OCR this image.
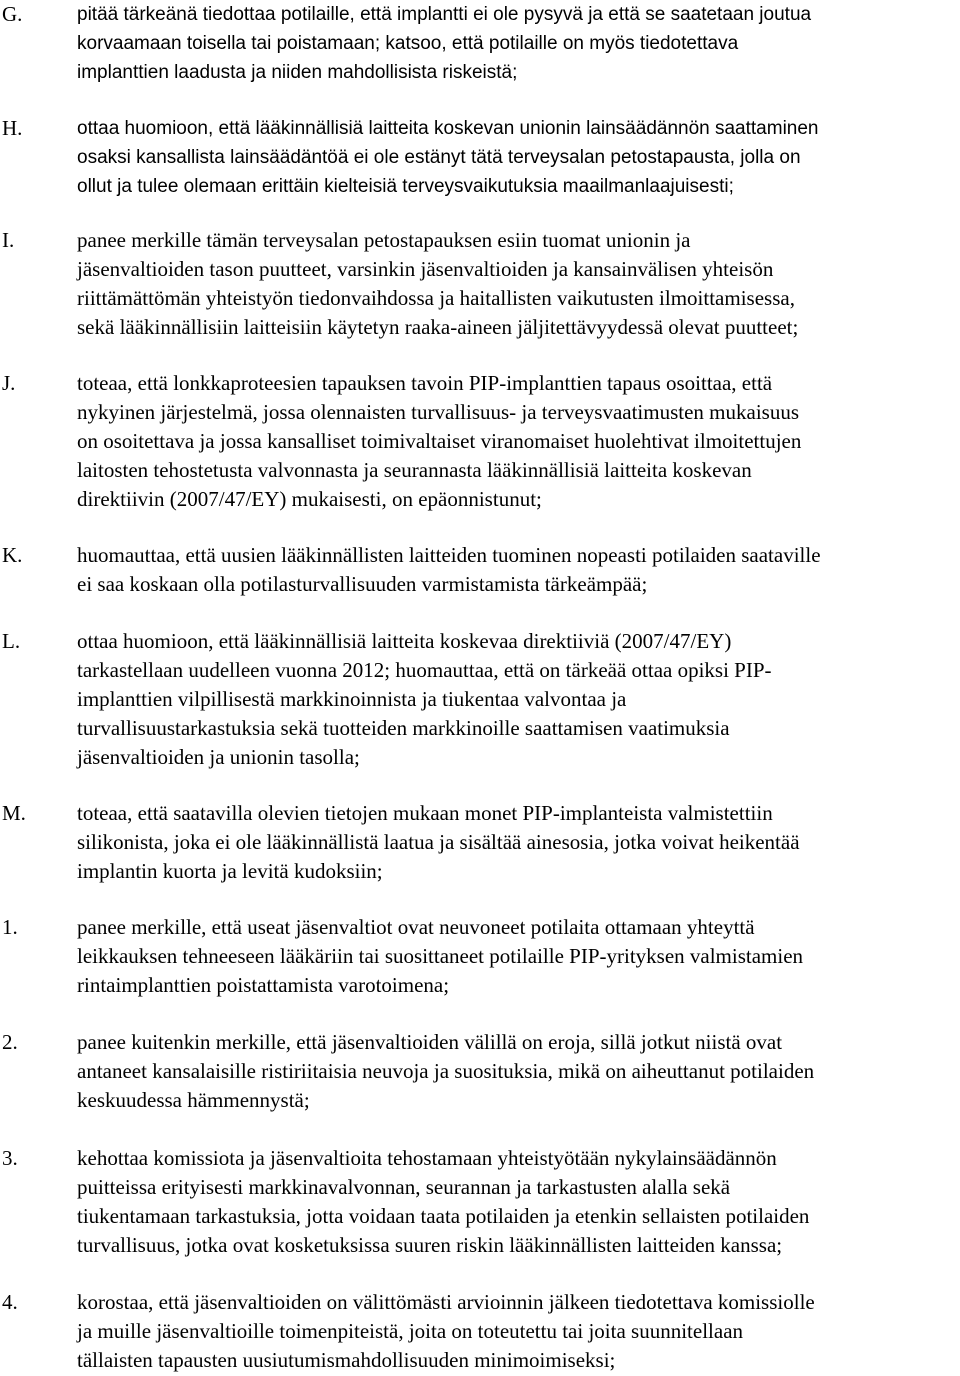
G.	pitää tärkeänä tiedottaa potilaille, että implantti ei ole pysyvä ja että se saatetaan joutua
korvaamaan toisella tai poistamaan; katsoo, että potilaille on myös tiedotettava
implanttien laadusta ja niiden mahdollisista riskeistä;
H.	ottaa huomioon, että lääkinnällisiä laitteita koskevan unionin lainsäädännön saattaminen
osaksi kansallista lainsäädäntöä ei ole estänyt tätä terveysalan petostapausta, jolla on
ollut ja tulee olemaan erittäin kielteisiä terveysvaikutuksia maailmanlaajuisesti;
I.	panee merkille tämän terveysalan petostapauksen esiin tuomat unionin ja
jäsenvaltioiden tason puutteet, varsinkin jäsenvaltioiden ja kansainvälisen yhteisön
riittämättömän yhteistyön tiedonvaihdossa ja haitallisten vaikutusten ilmoittamisessa,
sekä lääkinnällisiin laitteisiin käytetyn raaka-aineen jäljitettävyydessä olevat puutteet;
J.	toteaa, että lonkkaproteesien tapauksen tavoin PIP-implanttien tapaus osoittaa, että
nykyinen järjestelmä, jossa olennaisten turvallisuus- ja terveysvaatimusten mukaisuus
on osoitettava ja jossa kansalliset toimivaltaiset viranomaiset huolehtivat ilmoitettujen
laitosten tehostetusta valvonnasta ja seurannasta lääkinnällisiä laitteita koskevan
direktiivin (2007/47/EY) mukaisesti, on epäonnistunut;
K.	huomauttaa, että uusien lääkinnällisten laitteiden tuominen nopeasti potilaiden saataville
ei saa koskaan olla potilasturvallisuuden varmistamista tärkeämpää;
L.	ottaa huomioon, että lääkinnällisiä laitteita koskevaa direktiiviä (2007/47/EY)
tarkastellaan uudelleen vuonna 2012; huomauttaa, että on tärkeää ottaa opiksi PIP-
implanttien vilpillisestä markkinoinnista ja tiukentaa valvontaa ja
turvallisuustarkastuksia sekä tuotteiden markkinoille saattamisen vaatimuksia
jäsenvaltioiden ja unionin tasolla;
M.	toteaa, että saatavilla olevien tietojen mukaan monet PIP-implanteista valmistettiin
silikonista, joka ei ole lääkinnällistä laatua ja sisältää ainesosia, jotka voivat heikentää
implantin kuorta ja levitä kudoksiin;
1.	panee merkille, että useat jäsenvaltiot ovat neuvoneet potilaita ottamaan yhteyttä
leikkauksen tehneeseen lääkäriin tai suosittaneet potilaille PIP-yrityksen valmistamien
rintaimplanttien poistattamista varotoimena;
2.	panee kuitenkin merkille, että jäsenvaltioiden välillä on eroja, sillä jotkut niistä ovat
antaneet kansalaisille ristiriitaisia neuvoja ja suosituksia, mikä on aiheuttanut potilaiden
keskuudessa hämmennystä;
3.	kehottaa komissiota ja jäsenvaltioita tehostamaan yhteistyötään nykylainsäädännön
puitteissa erityisesti markkinavalvonnan, seurannan ja tarkastusten alalla sekä
tiukentamaan tarkastuksia, jotta voidaan taata potilaiden ja etenkin sellaisten potilaiden
turvallisuus, jotka ovat kosketuksissa suuren riskin lääkinnällisten laitteiden kanssa;
4.	korostaa, että jäsenvaltioiden on välittömästi arvioinnin jälkeen tiedotettava komissiolle
ja muille jäsenvaltioille toimenpiteistä, joita on toteutettu tai joita suunnitellaan
tällaisten tapausten uusiutumismahdollisuuden minimoimiseksi;
